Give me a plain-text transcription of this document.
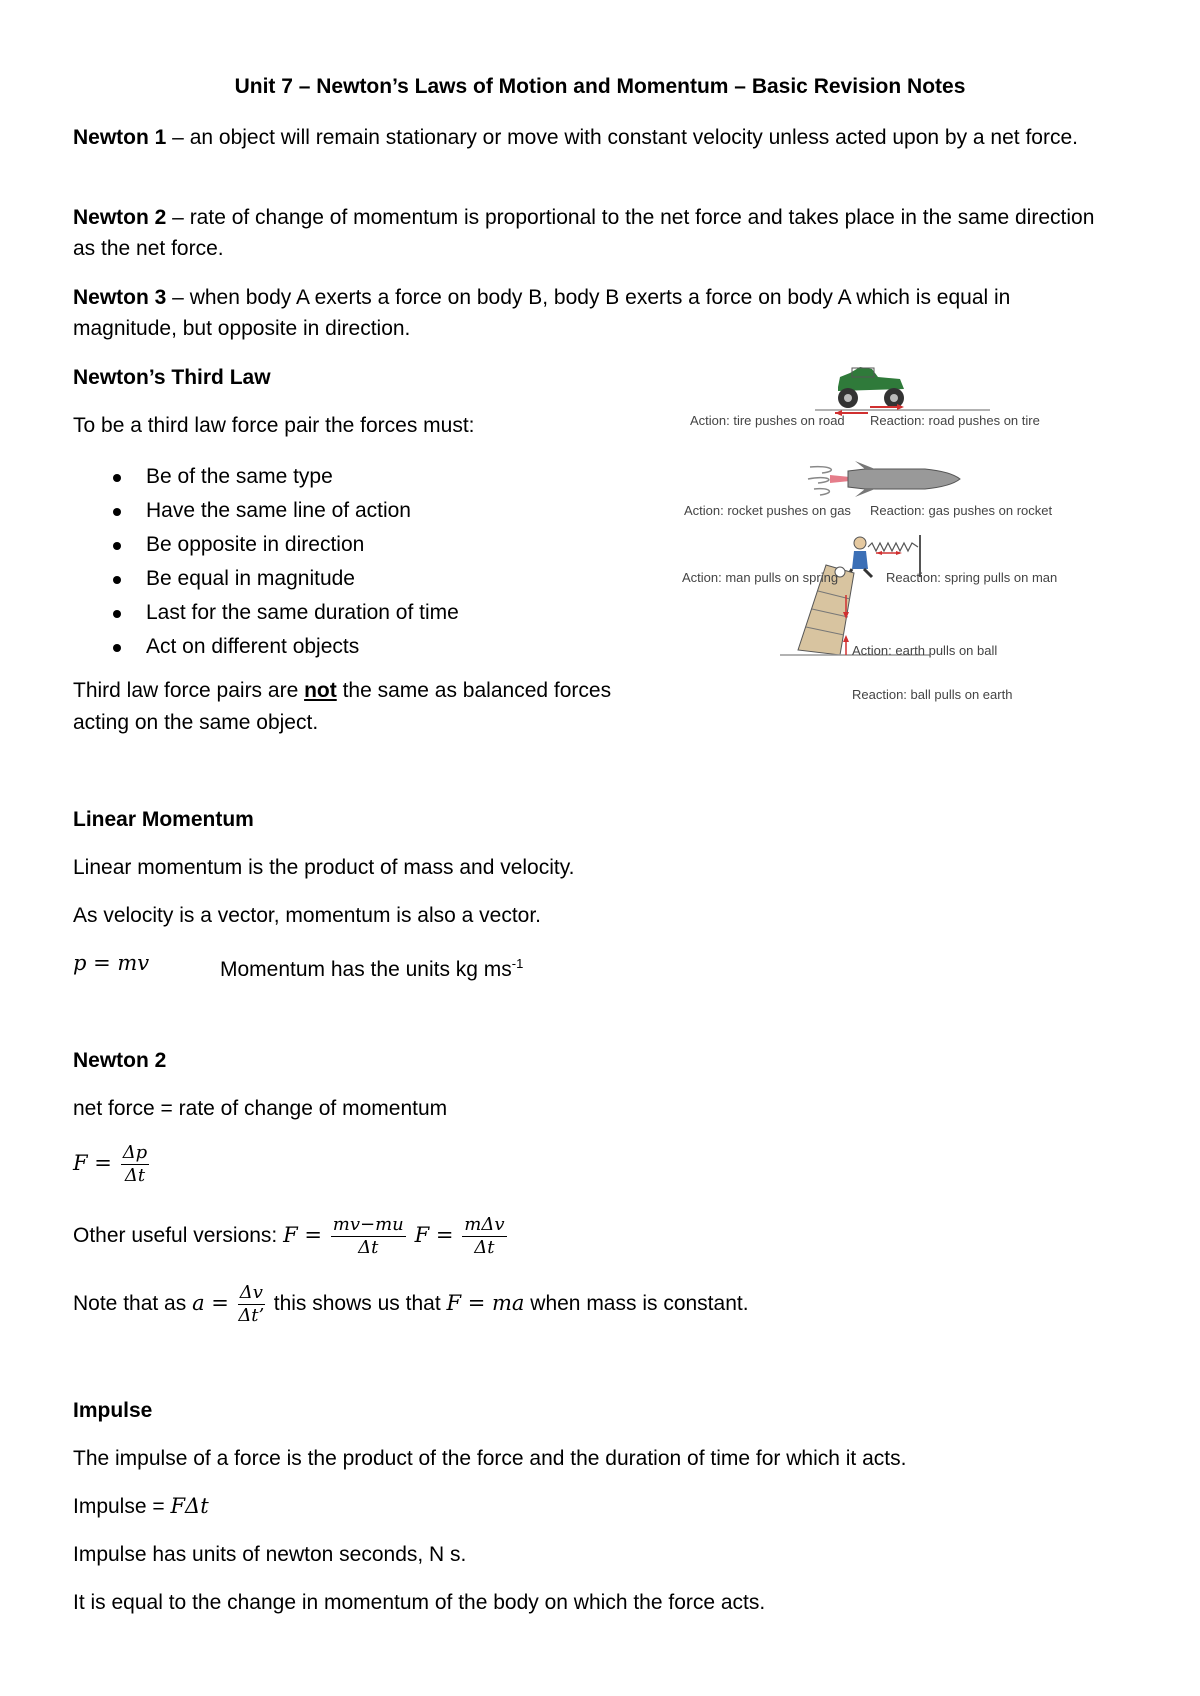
Unit 7 – Newton’s Laws of Motion and Momentum – Basic Revision Notes
Newton 1 – an object will remain stationary or move with constant velocity unless acted upon by a net force.
Newton 2 – rate of change of momentum is proportional to the net force and takes place in the same direction as the net force.
Newton 3 – when body A exerts a force on body B, body B exerts a force on body A which is equal in magnitude, but opposite in direction.
Newton’s Third Law
To be a third law force pair the forces must:
Be of the same type
Have the same line of action
Be opposite in direction
Be equal in magnitude
Last for the same duration of time
Act on different objects
Third law force pairs are not the same as balanced forces
acting on the same object.
Action: tire pushes on road Reaction: road pushes on tire
Action: rocket pushes on gas Reaction: gas pushes on rocket
Action: man pulls on spring	Reaction: spring pulls on man
Action: earth pulls on ball
Reaction: ball pulls on earth
Linear Momentum
Linear momentum is the product of mass and velocity.
As velocity is a vector, momentum is also a vector.
p = mv	Momentum has the units kg $ms^{-1}$
Newton 2
net force = rate of change of momentum
$F = \frac{\Delta p}{\Delta t}$
Other useful versions: $F = \frac{mv-mu}{\Delta t}$ $F = \frac{\text{mΔv}}{\Delta t}$
Note that as $a = \frac{\Delta v}{\Delta t’}$ this shows us that F = ma when mass is constant.
Impulse
The impulse of a force is the product of the force and the duration of time for which it acts.
Impulse = FΔt
Impulse has units of newton seconds, N s.
It is equal to the change in momentum of the body on which the force acts.
